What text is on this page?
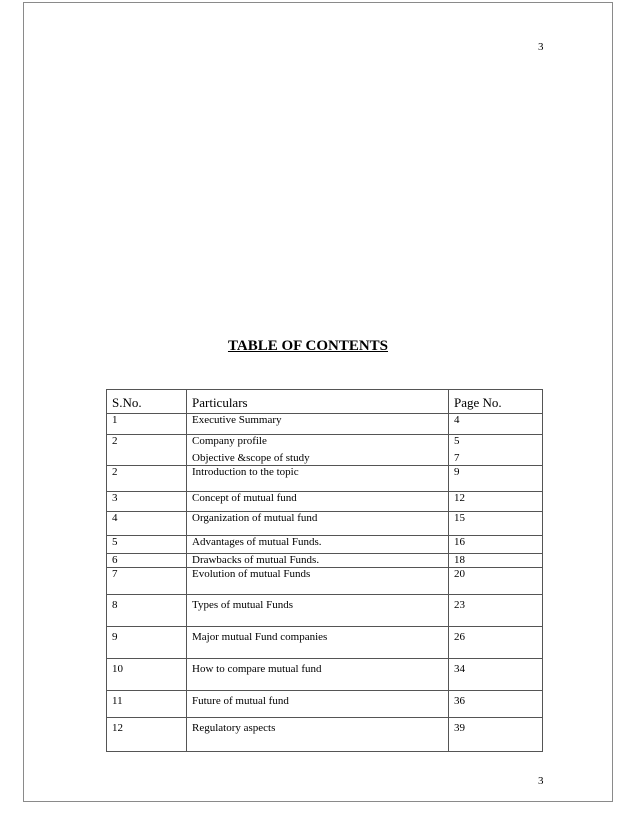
3
TABLE OF CONTENTS
S.No.	Particulars	Page No.
1	Executive Summary	4
2	Company profile	5
	Objective &scope of study	7
2	Introduction to the topic	9
3	Concept of mutual fund	12
4	Organization of mutual fund	15
5	Advantages of mutual Funds.	16
6	Drawbacks of mutual Funds.	18
7	Evolution of mutual Funds	20
8	Types of mutual Funds	23
9	Major mutual Fund companies	26
10	How to compare mutual fund	34
11	Future of mutual fund	36
12	Regulatory aspects	39
3
